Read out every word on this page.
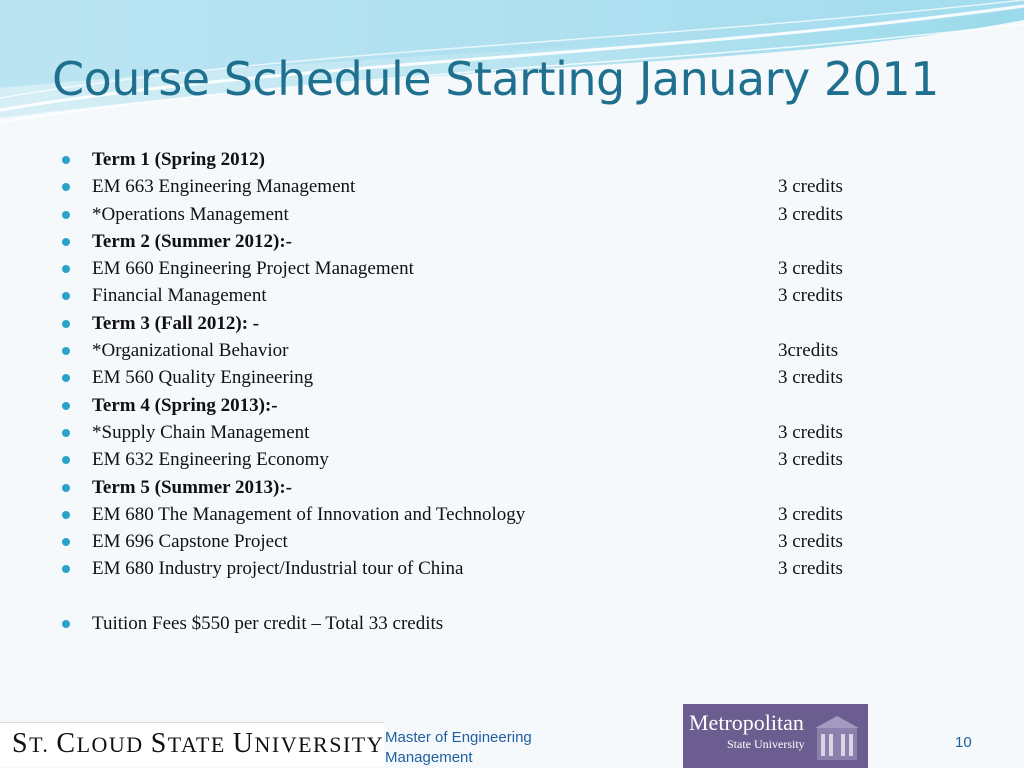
Course Schedule Starting January 2011
Term 1 (Spring 2012)
EM 663 Engineering Management	3 credits
*Operations Management	3 credits
Term 2 (Summer 2012):-
EM 660 Engineering Project Management	3 credits
Financial Management	3 credits
Term 3 (Fall 2012): -
*Organizational Behavior	3credits
EM 560 Quality Engineering	3 credits
Term 4 (Spring 2013):-
*Supply Chain Management	3 credits
EM 632 Engineering Economy	3 credits
Term 5 (Summer 2013):-
EM 680 The Management of Innovation and Technology	3 credits
EM 696 Capstone Project	3 credits
EM 680 Industry project/Industrial tour of China	3 credits
Tuition Fees $550 per credit – Total 33 credits
ST. CLOUD STATE UNIVERSITY Master of Engineering
Management
Metropolitan
State University	10
